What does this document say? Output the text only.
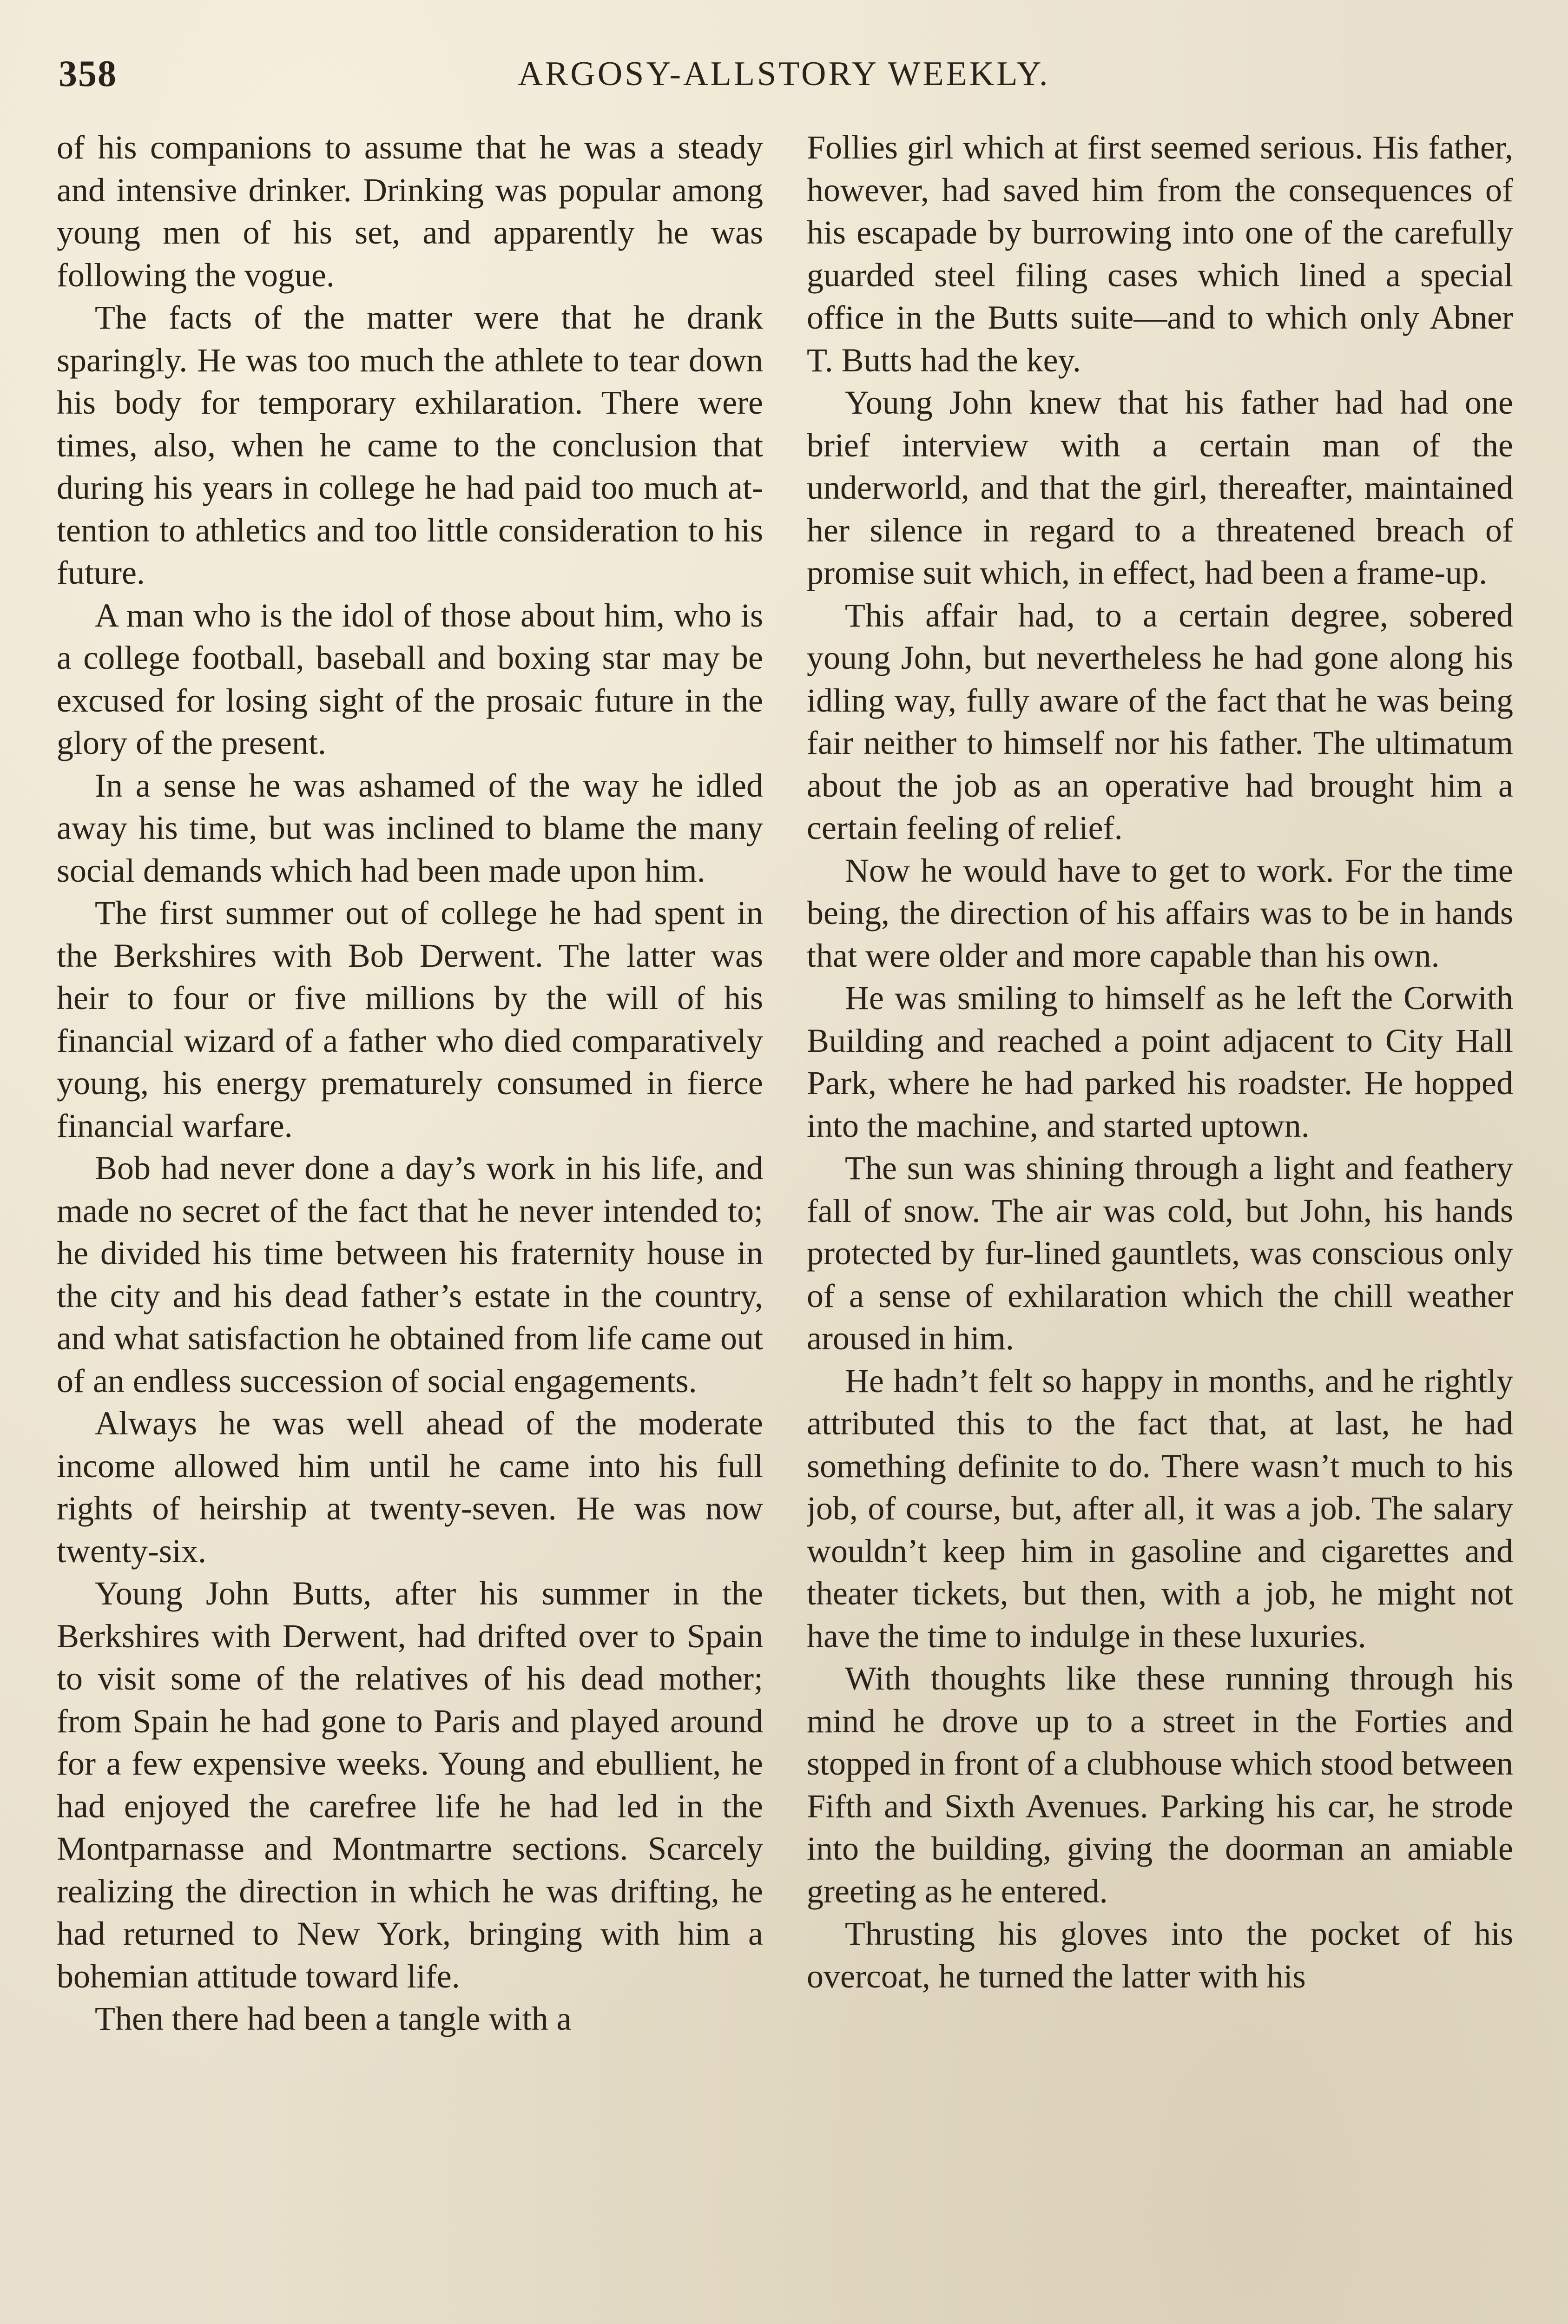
358	ARGOSY-ALLSTORY WEEKLY.

of his companions to assume that he was a steady and intensive drinker. Drinking was popular among young men of his set, and apparently he was following the vogue.

The facts of the matter were that he drank sparingly. He was too much the athlete to tear down his body for temporary exhilaration. There were times, also, when he came to the conclusion that during his years in college he had paid too much attention to athletics and too little consideration to his future.

A man who is the idol of those about him, who is a college football, baseball and boxing star may be excused for losing sight of the prosaic future in the glory of the present.

In a sense he was ashamed of the way he idled away his time, but was inclined to blame the many social demands which had been made upon him.

The first summer out of college he had spent in the Berkshires with Bob Derwent. The latter was heir to four or five millions by the will of his financial wizard of a father who died comparatively young, his energy prematurely consumed in fierce financial warfare.

Bob had never done a day’s work in his life, and made no secret of the fact that he never intended to; he divided his time between his fraternity house in the city and his dead father’s estate in the country, and what satisfaction he obtained from life came out of an endless succession of social engagements.

Always he was well ahead of the moderate income allowed him until he came into his full rights of heirship at twenty-seven. He was now twenty-six.

Young John Butts, after his summer in the Berkshires with Derwent, had drifted over to Spain to visit some of the relatives of his dead mother; from Spain he had gone to Paris and played around for a few expensive weeks. Young and ebullient, he had enjoyed the carefree life he had led in the Montparnasse and Montmartre sections. Scarcely realizing the direction in which he was drifting, he had returned to New York, bringing with him a bohemian attitude toward life.

Then there had been a tangle with a

Follies girl which at first seemed serious. His father, however, had saved him from the consequences of his escapade by burrowing into one of the carefully guarded steel filing cases which lined a special office in the Butts suite—and to which only Abner T. Butts had the key.

Young John knew that his father had had one brief interview with a certain man of the underworld, and that the girl, thereafter, maintained her silence in regard to a threatened breach of promise suit which, in effect, had been a frame-up.

This affair had, to a certain degree, sobered young John, but nevertheless he had gone along his idling way, fully aware of the fact that he was being fair neither to himself nor his father. The ultimatum about the job as an operative had brought him a certain feeling of relief.

Now he would have to get to work. For the time being, the direction of his affairs was to be in hands that were older and more capable than his own.

He was smiling to himself as he left the Corwith Building and reached a point adjacent to City Hall Park, where he had parked his roadster. He hopped into the machine, and started uptown.

The sun was shining through a light and feathery fall of snow. The air was cold, but John, his hands protected by fur-lined gauntlets, was conscious only of a sense of exhilaration which the chill weather aroused in him.

He hadn’t felt so happy in months, and he rightly attributed this to the fact that, at last, he had something definite to do. There wasn’t much to his job, of course, but, after all, it was a job. The salary wouldn’t keep him in gasoline and cigarettes and theater tickets, but then, with a job, he might not have the time to indulge in these luxuries.

With thoughts like these running through his mind he drove up to a street in the Forties and stopped in front of a clubhouse which stood between Fifth and Sixth Avenues. Parking his car, he strode into the building, giving the doorman an amiable greeting as he entered.

Thrusting his gloves into the pocket of his overcoat, he turned the latter with his
